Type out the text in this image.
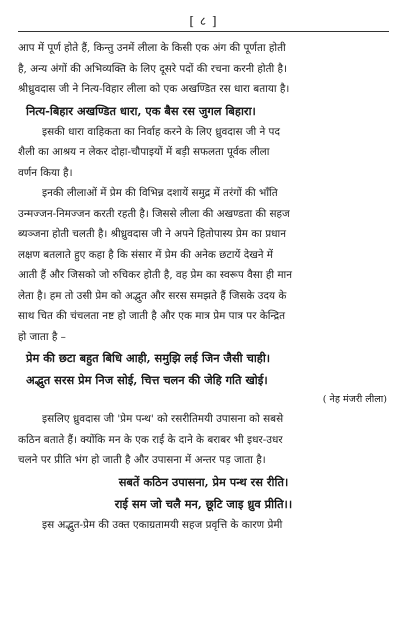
[ ८ ]

आप में पूर्ण होते हैं, किन्तु उनमें लीला के किसी एक अंग की पूर्णता होती

है, अन्य अंगों की अभिव्यक्ति के लिए दूसरे पदों की रचना करनी होती है।

श्रीध्रुवदास जी ने नित्य-विहार लीला को एक अखण्डित रस धारा बताया है।

नित्य-बिहार अखण्डित धारा, एक बैस रस जुगल बिहारा।

इसकी धारा वाहिकता का निर्वाह करने के लिए ध्रुवदास जी ने पद

शैली का आश्रय न लेकर दोहा-चौपाइयों में बड़ी सफलता पूर्वक लीला

वर्णन किया है।

इनकी लीलाओं में प्रेम की विभिन्न दशायें समुद्र में तरंगों की भाँति

उन्मज्जन-निमज्जन करती रहती है। जिससे लीला की अखण्डता की सहज

ब्यञ्जना होती चलती है। श्रीध्रुवदास जी ने अपने हितोपास्य प्रेम का प्रधान

लक्षण बतलाते हुए कहा है कि संसार में प्रेम की अनेक छटायें देखने में

आती हैं और जिसको जो रुचिकर होती है, वह प्रेम का स्वरूप वैसा ही मान

लेता है। हम तो उसी प्रेम को अद्भुत और सरस समझते हैं जिसके उदय के

साथ चित की चंचलता नष्ट हो जाती है और एक मात्र प्रेम पात्र पर केन्द्रित

हो जाता है –

प्रेम की छटा बहुत बिधि आही, समुझि लई जिन जैसी चाही।

अद्भुत सरस प्रेम निज सोई, चित्त चलन की जेहि गति खोई।

( नेह मंजरी लीला)

इसलिए ध्रुवदास जी 'प्रेम पन्थ' को रसरीतिमयी उपासना को सबसे

कठिन बताते हैं। क्योंकि मन के एक राई के दाने के बराबर भी इधर-उधर

चलने पर प्रीति भंग हो जाती है और उपासना में अन्तर पड़ जाता है।

सबतें कठिन उपासना, प्रेम पन्थ रस रीति।

राई सम जो चलै मन, छूटि जाइ ध्रुव प्रीति।।

इस अद्भुत-प्रेम की उक्त एकाग्रतामयी सहज प्रवृत्ति के कारण प्रेमी
